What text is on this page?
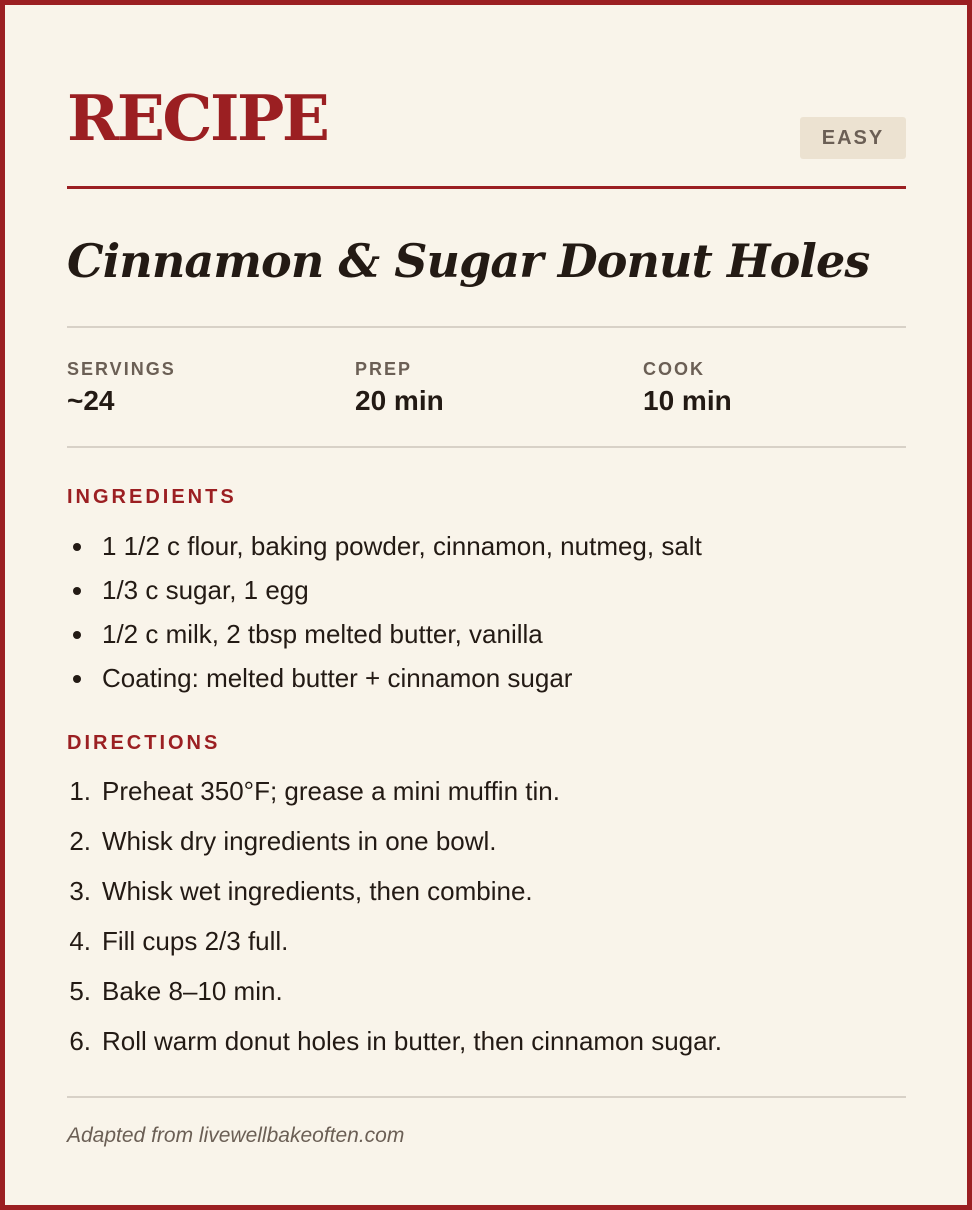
RECIPE	EASY
Cinnamon & Sugar Donut Holes
SERVINGS
~24
PREP
20 min
COOK
10 min
INGREDIENTS
1 1/2 c flour, baking powder, cinnamon, nutmeg, salt
1/3 c sugar, 1 egg
1/2 c milk, 2 tbsp melted butter, vanilla
Coating: melted butter + cinnamon sugar
DIRECTIONS
1. Preheat 350°F; grease a mini muffin tin.
2. Whisk dry ingredients in one bowl.
3. Whisk wet ingredients, then combine.
4. Fill cups 2/3 full.
5. Bake 8–10 min.
6. Roll warm donut holes in butter, then cinnamon sugar.
Adapted from livewellbakeoften.com
